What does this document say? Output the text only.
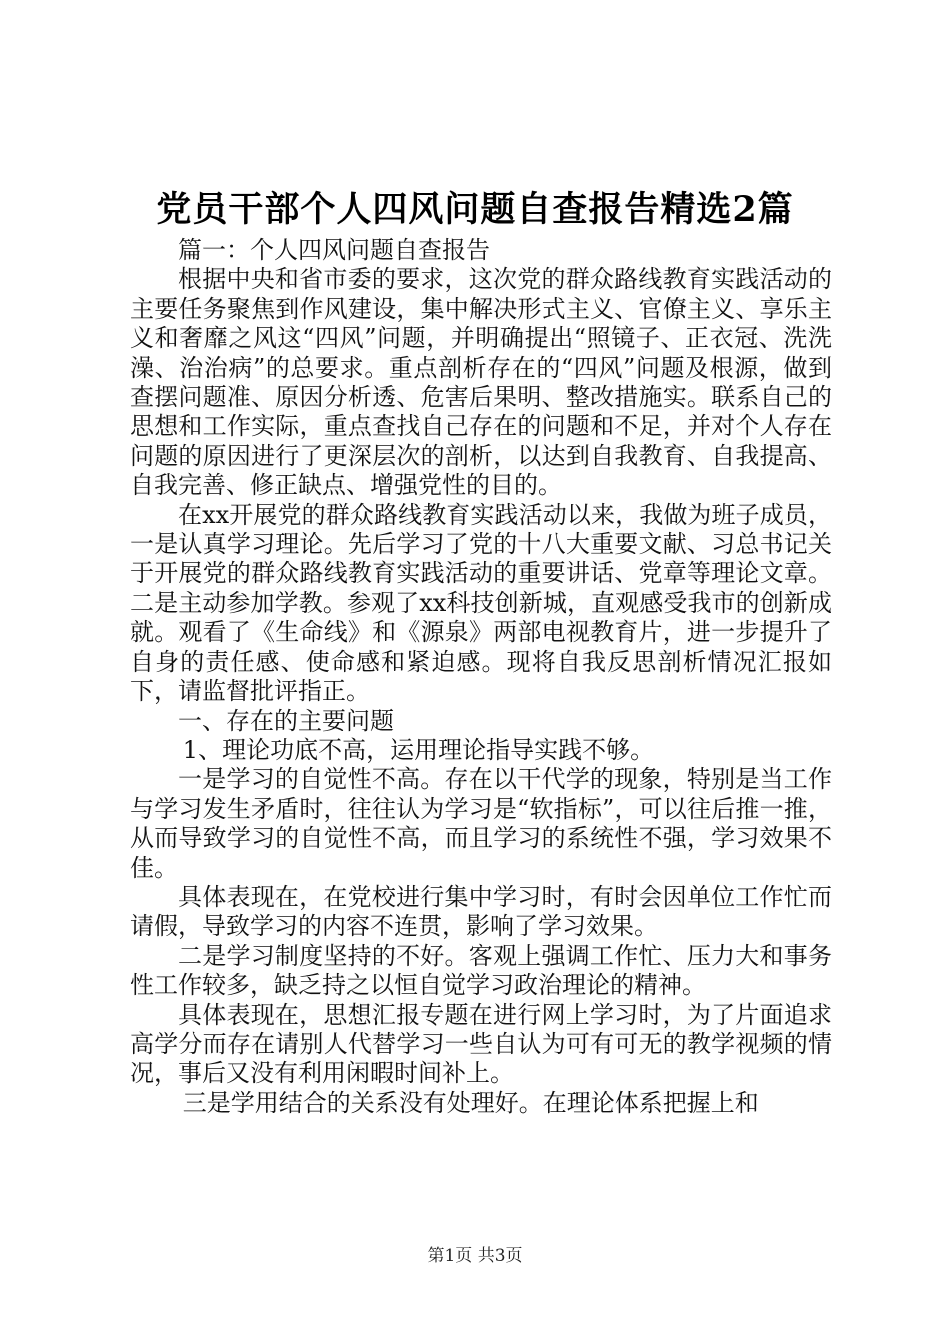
党员干部个人四风问题自查报告精选2篇

篇一：个人四风问题自查报告

根据中央和省市委的要求，这次党的群众路线教育实践活动的主要任务聚焦到作风建设，集中解决形式主义、官僚主义、享乐主义和奢靡之风这“四风”问题，并明确提出“照镜子、正衣冠、洗洗澡、治治病”的总要求。重点剖析存在的“四风”问题及根源，做到查摆问题准、原因分析透、危害后果明、整改措施实。联系自己的思想和工作实际，重点查找自己存在的问题和不足，并对个人存在问题的原因进行了更深层次的剖析，以达到自我教育、自我提高、自我完善、修正缺点、增强党性的目的。

在xx开展党的群众路线教育实践活动以来，我做为班子成员，一是认真学习理论。先后学习了党的十八大重要文献、习总书记关于开展党的群众路线教育实践活动的重要讲话、党章等理论文章。二是主动参加学教。参观了xx科技创新城，直观感受我市的创新成就。观看了《生命线》和《源泉》两部电视教育片，进一步提升了自身的责任感、使命感和紧迫感。现将自我反思剖析情况汇报如下，请监督批评指正。

一、存在的主要问题

1、理论功底不高，运用理论指导实践不够。

一是学习的自觉性不高。存在以干代学的现象，特别是当工作与学习发生矛盾时，往往认为学习是“软指标”，可以往后推一推，从而导致学习的自觉性不高，而且学习的系统性不强，学习效果不佳。

具体表现在，在党校进行集中学习时，有时会因单位工作忙而请假，导致学习的内容不连贯，影响了学习效果。

二是学习制度坚持的不好。客观上强调工作忙、压力大和事务性工作较多，缺乏持之以恒自觉学习政治理论的精神。

具体表现在，思想汇报专题在进行网上学习时，为了片面追求高学分而存在请别人代替学习一些自认为可有可无的教学视频的情况，事后又没有利用闲暇时间补上。

三是学用结合的关系没有处理好。在理论体系把握上和

第1页 共3页
